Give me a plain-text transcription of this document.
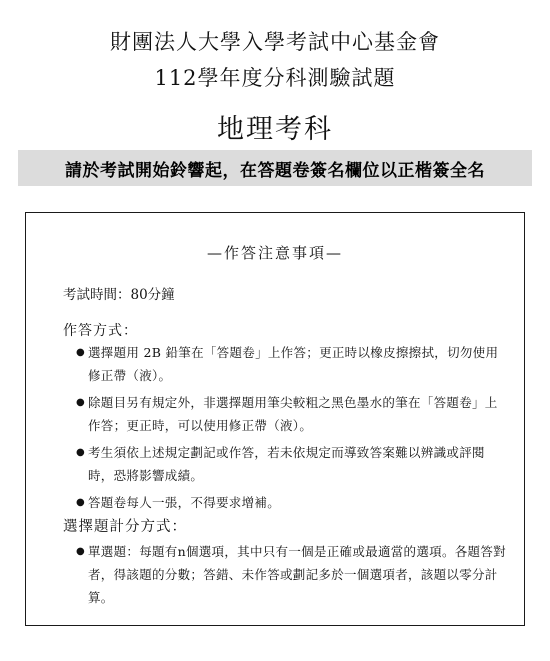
財團法人大學入學考試中心基金會
112學年度分科測驗試題
地理考科
請於考試開始鈴響起，在答題卷簽名欄位以正楷簽全名
—作答注意事項—
考試時間：80分鐘
作答方式：
● 選擇題用 2B 鉛筆在「答題卷」上作答；更正時以橡皮擦擦拭，切勿使用修正帶（液）。
● 除題目另有規定外，非選擇題用筆尖較粗之黑色墨水的筆在「答題卷」上作答；更正時，可以使用修正帶（液）。
● 考生須依上述規定劃記或作答，若未依規定而導致答案難以辨識或評閱時，恐將影響成績。
● 答題卷每人一張，不得要求增補。
選擇題計分方式：
● 單選題：每題有n個選項，其中只有一個是正確或最適當的選項。各題答對者，得該題的分數；答錯、未作答或劃記多於一個選項者，該題以零分計算。
